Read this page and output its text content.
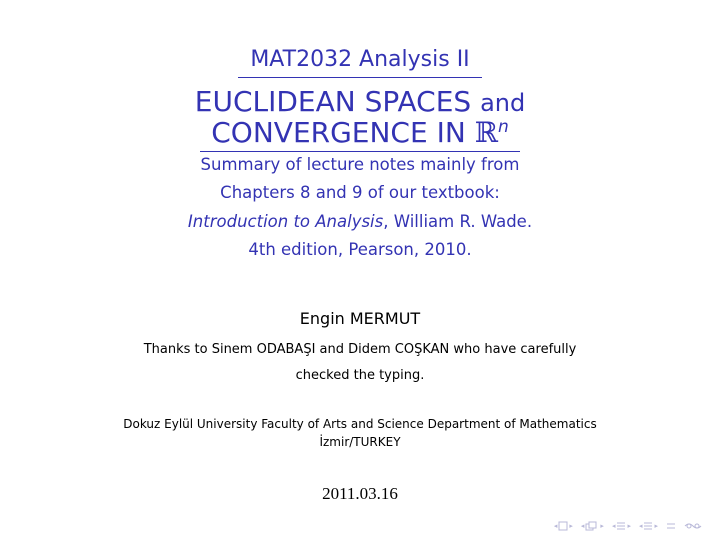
MAT2032 Analysis II
EUCLIDEAN SPACES and
CONVERGENCE IN ℝ$^n$
Summary of lecture notes mainly from
Chapters 8 and 9 of our textbook:
Introduction to Analysis, William R. Wade.
4th edition, Pearson, 2010.
Engin MERMUT
Thanks to Sinem ODABAŞI and Didem COŞKAN who have carefully
checked the typing.
Dokuz Eylül University Faculty of Arts and Science Department of Mathematics
İzmir/TURKEY
2011.03.16
◂ ▸ ◂ ▸ ◂ ▸ ◂ ▸
